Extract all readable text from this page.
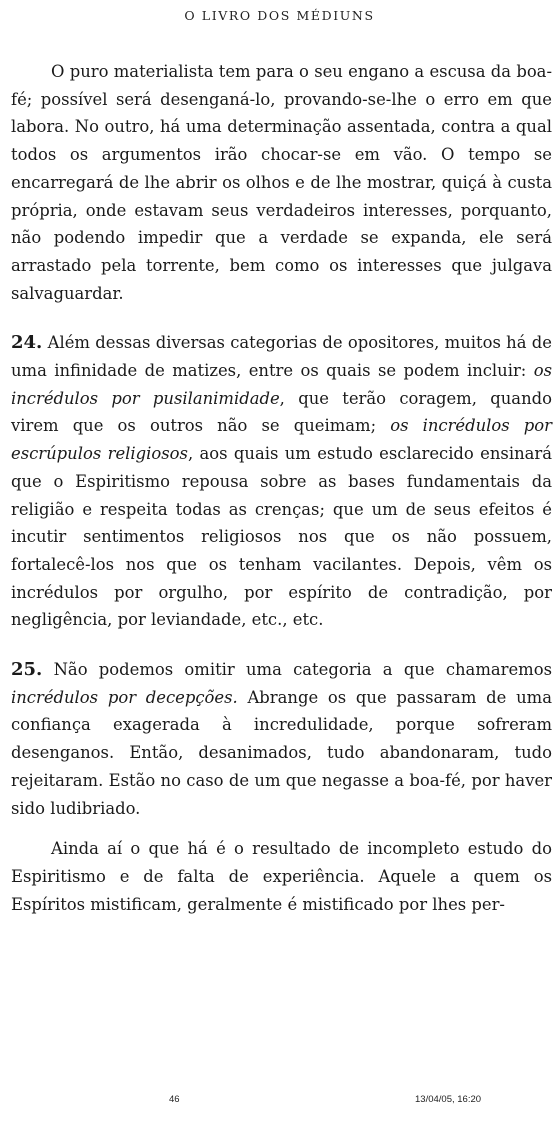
O LIVRO DOS MÉDIUNS

O puro materialista tem para o seu engano a escusa da boa-fé; possível será desenganá-lo, provando-se-lhe o erro em que labora. No outro, há uma determinação assentada, contra a qual todos os argumentos irão chocar-se em vão. O tempo se encarregará de lhe abrir os olhos e de lhe mostrar, quiçá à custa própria, onde estavam seus verdadeiros interesses, porquanto, não podendo impedir que a verdade se expanda, ele será arrastado pela torrente, bem como os interesses que julgava salvaguardar.

24. Além dessas diversas categorias de opositores, muitos há de uma infinidade de matizes, entre os quais se podem incluir: os incrédulos por pusilanimidade, que terão coragem, quando virem que os outros não se queimam; os incrédulos por escrúpulos religiosos, aos quais um estudo esclarecido ensinará que o Espiritismo repousa sobre as bases fundamentais da religião e respeita todas as crenças; que um de seus efeitos é incutir sentimentos religiosos nos que os não possuem, fortalecê-los nos que os tenham vacilantes. Depois, vêm os incrédulos por orgulho, por espírito de contradição, por negligência, por leviandade, etc., etc.

25. Não podemos omitir uma categoria a que chamaremos incrédulos por decepções. Abrange os que passaram de uma confiança exagerada à incredulidade, porque sofreram desenganos. Então, desanimados, tudo abandonaram, tudo rejeitaram. Estão no caso de um que negasse a boa-fé, por haver sido ludibriado.

Ainda aí o que há é o resultado de incompleto estudo do Espiritismo e de falta de experiência. Aquele a quem os Espíritos mistificam, geralmente é mistificado por lhes per-

46	13/04/05, 16:20
